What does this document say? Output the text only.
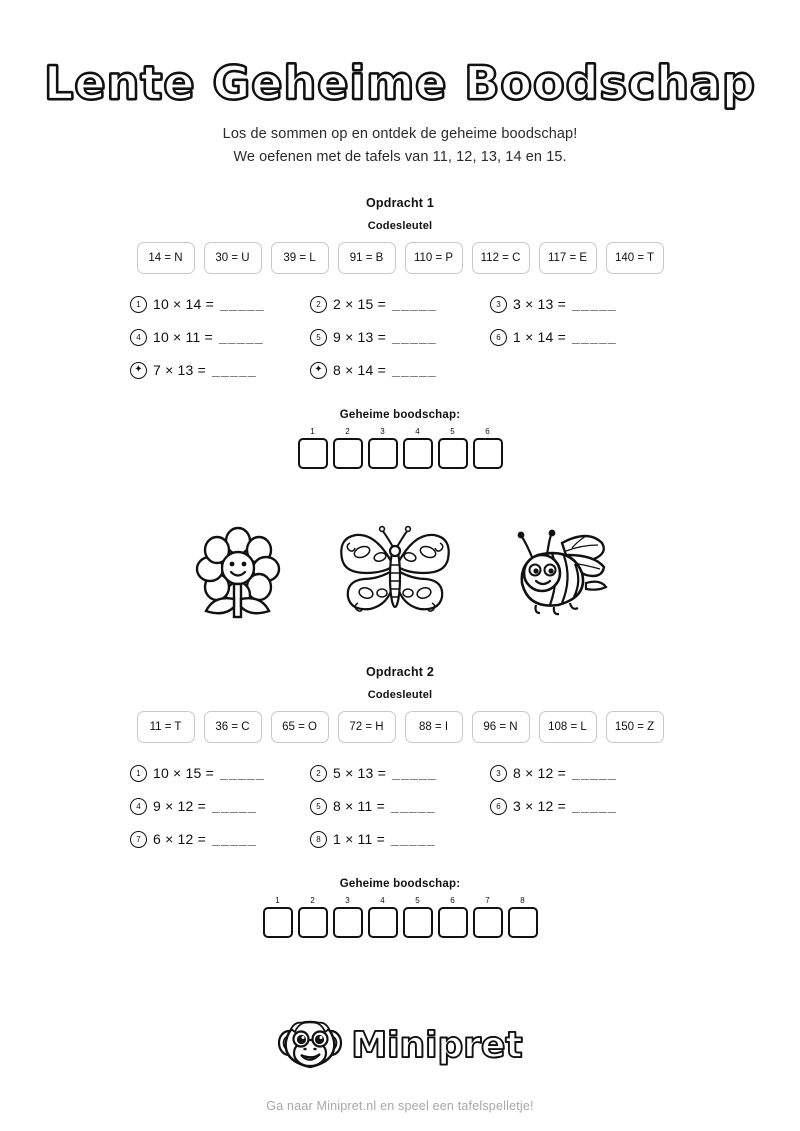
Lente Geheime Boodschap
Los de sommen op en ontdek de geheime boodschap!
We oefenen met de tafels van 11, 12, 13, 14 en 15.
Opdracht 1
Codesleutel
14 = N	30 = U	39 = L	91 = B	110 = P	112 = C	117 = E	140 = T
1 10 × 14 = _____	2 2 × 15 = _____	3 3 × 13 = _____
4 10 × 11 = _____	5 9 × 13 = _____	6 1 × 14 = _____
✦ 7 × 13 = _____	✦ 8 × 14 = _____
Geheime boodschap:
1	2	3	4	5	6
Opdracht 2
Codesleutel
11 = T	36 = C	65 = O	72 = H	88 = I	96 = N	108 = L	150 = Z
1 10 × 15 = _____	2 5 × 13 = _____	3 8 × 12 = _____
4 9 × 12 = _____	5 8 × 11 = _____	6 3 × 12 = _____
7 6 × 12 = _____	8 1 × 11 = _____
Geheime boodschap:
1	2	3	4	5	6	7	8
Minipret
Ga naar Minipret.nl en speel een tafelspelletje!
